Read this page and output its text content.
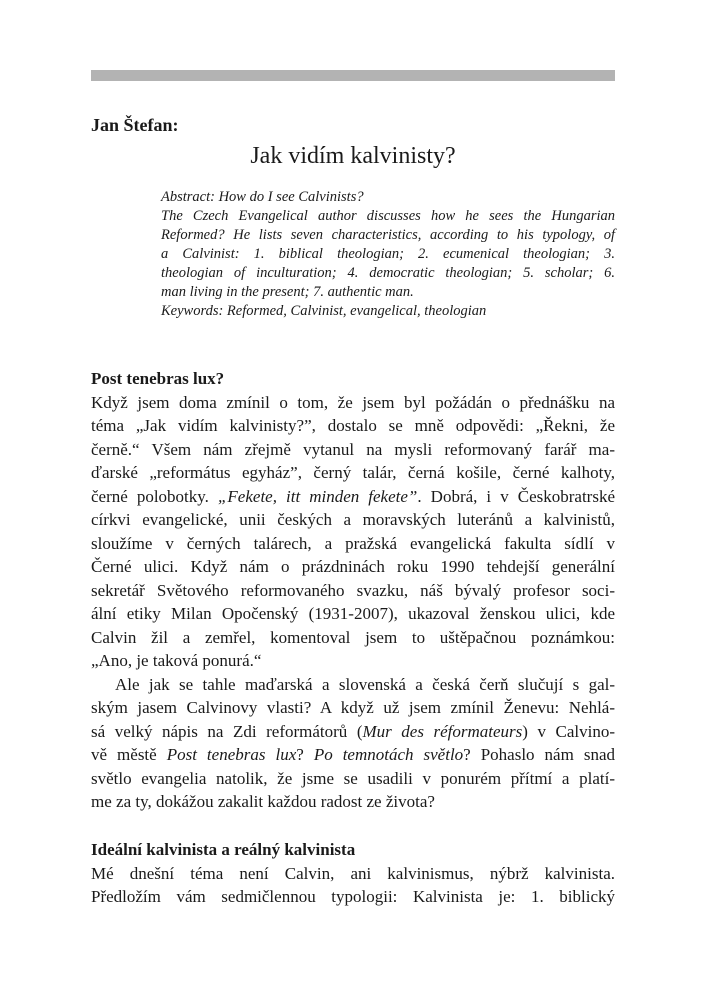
Jan Štefan:
Jak vidím kalvinisty?
Abstract: How do I see Calvinists?
The Czech Evangelical author discusses how he sees the Hungarian
Reformed? He lists seven characteristics, according to his typology, of
a Calvinist: 1. biblical theologian; 2. ecumenical theologian; 3.
theologian of inculturation; 4. democratic theologian; 5. scholar; 6.
man living in the present; 7. authentic man.
Keywords: Reformed, Calvinist, evangelical, theologian
Post tenebras lux?
Když jsem doma zmínil o tom, že jsem byl požádán o přednášku na
téma „Jak vidím kalvinisty?”, dostalo se mně odpovědi: „Řekni, že
černě.“ Všem nám zřejmě vytanul na mysli reformovaný farář ma-
ďarské „református egyház”, černý talár, černá košile, černé kalhoty,
černé polobotky. „Fekete, itt minden fekete”. Dobrá, i v Českobratrské
církvi evangelické, unii českých a moravských luteránů a kalvinistů,
sloužíme v černých talárech, a pražská evangelická fakulta sídlí v
Černé ulici. Když nám o prázdninách roku 1990 tehdejší generální
sekretář Světového reformovaného svazku, náš bývalý profesor soci-
ální etiky Milan Opočenský (1931-2007), ukazoval ženskou ulici, kde
Calvin žil a zemřel, komentoval jsem to uštěpačnou poznámkou:
„Ano, je taková ponurá.“
Ale jak se tahle maďarská a slovenská a česká čerň slučují s gal-
ským jasem Calvinovy vlasti? A když už jsem zmínil Ženevu: Nehlá-
sá velký nápis na Zdi reformátorů (Mur des réformateurs) v Calvino-
vě městě Post tenebras lux? Po temnotách světlo? Pohaslo nám snad
světlo evangelia natolik, že jsme se usadili v ponurém přítmí a platí-
me za ty, dokážou zakalit každou radost ze života?
Ideální kalvinista a reálný kalvinista
Mé dnešní téma není Calvin, ani kalvinismus, nýbrž kalvinista.
Předložím vám sedmičlennou typologii: Kalvinista je: 1. biblický
